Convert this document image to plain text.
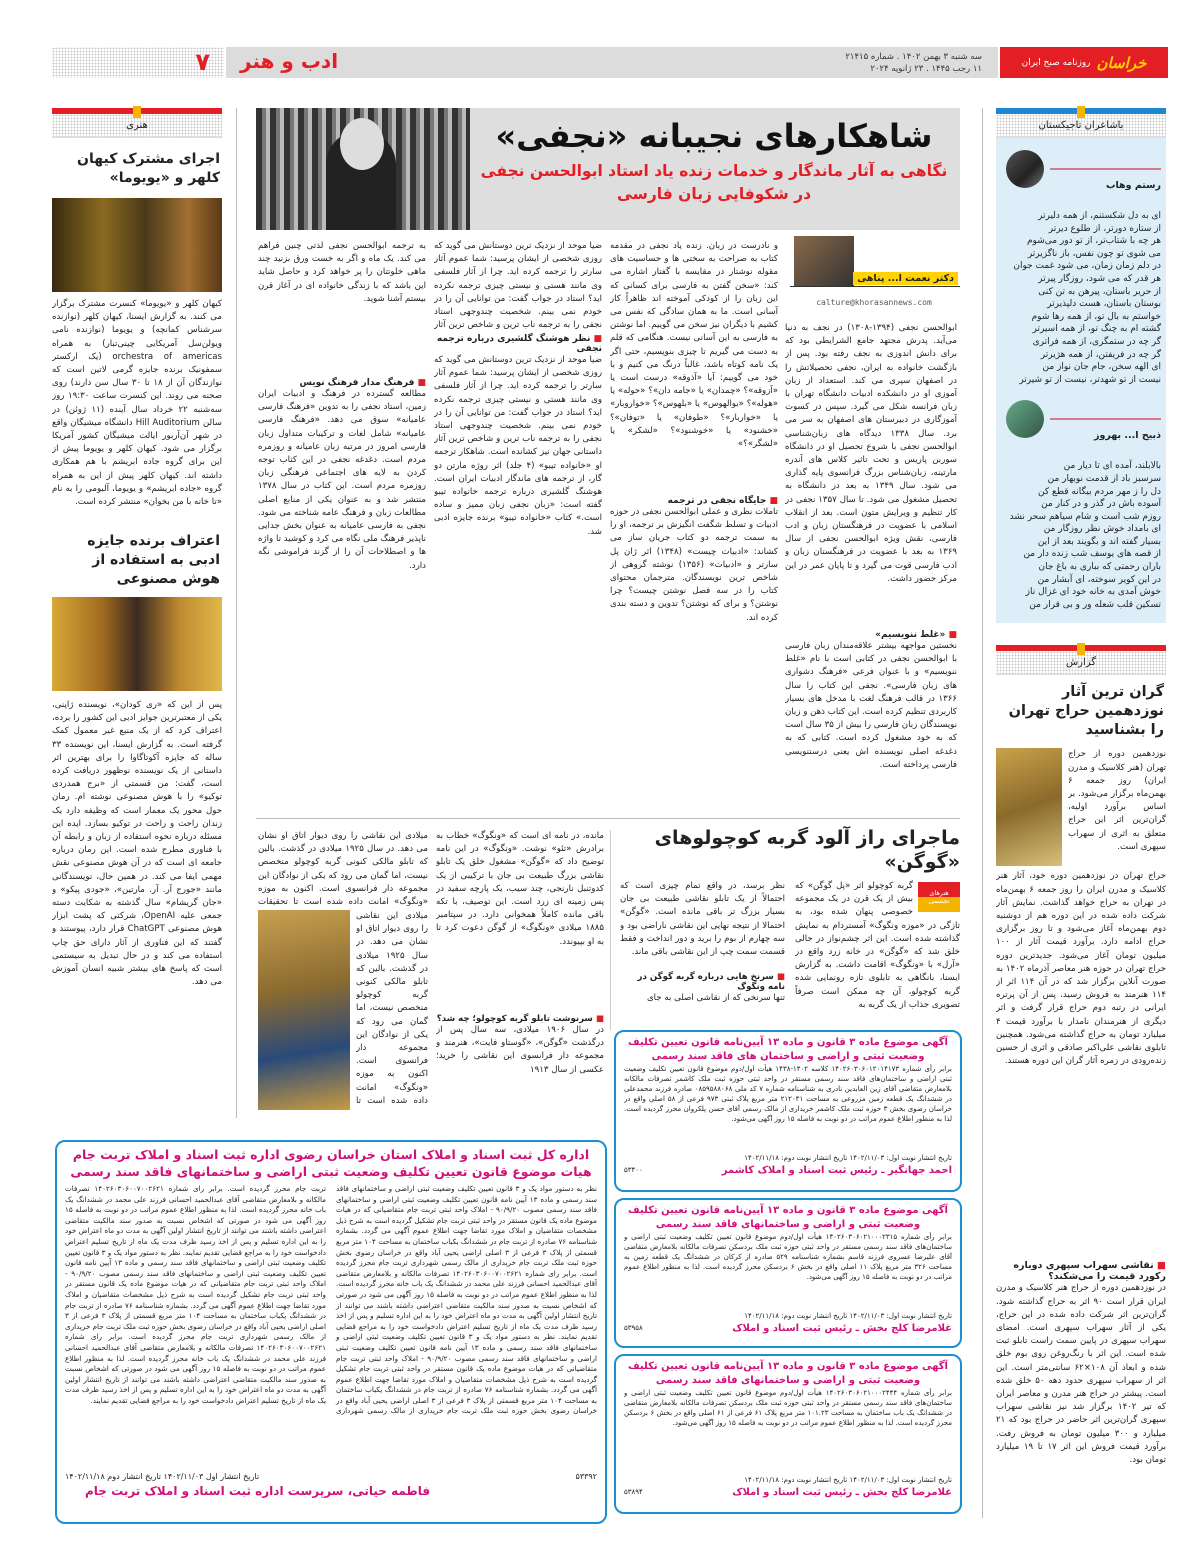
۷	ادب و هنر	سه شنبه ۳ بهمن ۱۴۰۲ . شماره ۲۱۴۱۵
۱۱ رجب ۱۴۴۵ . ۲۳ ژانویه ۲۰۲۴	خراسان
روزنامه صبح ایران
باشاعران تاجیکستان
رستم وهاب
ای به دل شکستنم، از همه دلیرتر
از ستاره دورتر، از طلوع دیرتر
هر چه با شتاب‌تر، از تو دور می‌شوم
می شوی تو چون نفس، باز ناگزیرتر
در دلم زمان زمان، می شود غمت جوان
هر قدر که می شود، روزگار پیرتر
از حریر باستان، پیرهن به تن کنی
بوستان باستان، هست دلپذیرتر
خواستم به بال تو، از همه رها شوم
گشته ام به چنگ تو، از همه اسیرتر
گر چه در ستمگری، از همه فراتری
گر چه در فریفتن، از همه هژیرتر
ای الهه سخن، جام جان نواز من
نیست از تو شهدتر، نیست از تو شیرتر
ذبیح ا... بهروز
بالابلند، آمده ای تا دیار من
سرسبز باد از قدمت نوبهار من
دل را ز مهر مردم بیگانه قطع کن
آسوده باش در گذر و در کنار من
روزم شب است و شام سیاهم سحر نشد
ای بامداد خوش نظر روزگار من
بسیار گفته اند و بگویند بعد از این
از قصه های یوسف شب زنده دار من
باران رحمتی که بباری به باغ جان
در این کویر سوخته، ای آبشار من
خوش آمدی به خانه خود ای غزال ناز
تسکین قلب شعله ور و بی قرار من
گزارش
گران ترین آثار نوزدهمین حراج تهران را بشناسید
نوزدهمین دوره از حراج تهران (هنر کلاسیک و مدرن ایران) روز جمعه ۶ بهمن‌ماه برگزار می‌شود. بر اساس برآورد اولیه، گران‌ترین اثر این حراج متعلق به اثری از سهراب سپهری است.
حراج تهران در نوزدهمین دوره خود، آثار هنر کلاسیک و مدرن ایران را روز جمعه ۶ بهمن‌ماه در تهران به حراج خواهد گذاشت. نمایش آثار شرکت داده شده در این دوره هم از دوشنبه دوم بهمن‌ماه آغاز می‌شود و تا روز برگزاری حراج ادامه دارد. برآورد قیمت آثار از ۱۰۰ میلیون تومان آغاز می‌شود. جدیدترین دوره حراج تهران در حوزه هنر معاصر آذرماه ۱۴۰۲ به صورت آنلاین برگزار شد که در آن ۱۱۴ اثر از ۱۱۴ هنرمند به فروش رسید. پس از آن پرتره ایرانی در رتبه دوم حراج قرار گرفت و اثر دیگری از هنرمندان نامدار با برآورد قیمت ۴ میلیارد تومان به حراج گذاشته می‌شود. همچنین تابلوی نقاشی علی‌اکبر صادقی و اثری از حسین زنده‌رودی در زمره آثار گران این دوره هستند.
■ نقاشی سهراب سپهری دوباره رکورد قیمت را می‌شکند؟
در نوزدهمین دوره از حراج هنر کلاسیک و مدرن ایران قرار است ۹۰ اثر به حراج گذاشته شود. گران‌ترین اثر شرکت داده شده در این حراج، یکی از آثار سهراب سپهری است. امضای سهراب سپهری در پایین سمت راست تابلو ثبت شده است. این اثر با رنگ‌روغن روی بوم خلق شده و ابعاد آن ۱۰۸×۶۲ سانتی‌متر است. این اثر از سهراب سپهری حدود دهه ۵۰ خلق شده است. پیشتر در حراج هنر مدرن و معاصر ایران که تیر ۱۴۰۲ برگزار شد نیز نقاشی سهراب سپهری گران‌ترین اثر حاضر در حراج بود که ۲۱ میلیارد و ۳۰۰ میلیون تومان به فروش رفت. برآورد قیمت فروش این اثر ۱۷ تا ۱۹ میلیارد تومان بود.
شاهکارهای نجیبانه «نجفی»
نگاهی به آثار ماندگار و خدمات زنده یاد استاد ابوالحسن نجفی در شکوفایی زبان فارسی
دکتر نعمت ا... پناهی
calture@khorasannews.com
ابوالحسن نجفی (۱۳۹۴-۱۳۰۸) در نجف به دنیا می‌آید. پدرش مجتهد جامع الشرایطی بود که برای دانش اندوزی به نجف رفته بود. پس از بازگشت خانواده به ایران، نجفی تحصیلاتش را در اصفهان سپری می کند. استعداد از زبان آموزی او در دانشکده ادبیات دانشگاه تهران با زبان فرانسه شکل می گیرد. سپس در کسوت آموزگاری در دبیرستان های اصفهان به سر می برد. سال ۱۳۳۸ دیدگاه های زبان‌شناسی ابوالحسن نجفی با شروع تحصیل او در دانشگاه سوربن پاریس و تحت تاثیر کلاس های آندره مارتینه، زبان‌شناس بزرگ فرانسوی پایه گذاری می شود. سال ۱۳۴۹ به بعد در دانشگاه به تحصیل مشغول می شود. تا سال ۱۳۵۷ نجفی در کار تنظیم و ویرایش متون است. بعد از انقلاب اسلامی با عضویت در فرهنگستان زبان و ادب فارسی، نقش ویژه ابوالحسن نجفی از سال ۱۳۶۹ به بعد با عضویت در فرهنگستان زبان و ادب فارسی قوت می گیرد و تا پایان عمر در این مرکز حضور داشت.
■ «غلط ننویسیم»
نخستین مواجهه بیشتر علاقه‌مندان زبان فارسی با ابوالحسن نجفی در کتابی است با نام «غلط ننویسیم» و با عنوان فرعی «فرهنگ دشواری های زبان فارسی». نجفی این کتاب را سال ۱۳۶۶ در قالب فرهنگ لغت با مدخل های بسیار کاربردی تنظیم کرده است. این کتاب ذهن و زبان نویسندگان زبان فارسی را بیش از ۳۵ سال است که به خود مشغول کرده است. کتابی که به دغدغه اصلی نویسنده اش یعنی درستنویسی فارسی پرداخته است.
و نادرست در زبان. زنده یاد نجفی در مقدمه کتاب به صراحت به سختی ها و حساسیت های مقوله نوشتار در مقایسه با گفتار اشاره می کند: «سخن گفتن به فارسی برای کسانی که این زبان را از کودکی آموخته اند ظاهراً کار آسانی است. ما به همان سادگی که نفس می کشیم با دیگران نیز سخن می گوییم. اما نوشتن به فارسی به این آسانی نیست. هنگامی که قلم به دست می گیریم تا چیزی بنویسیم، حتی اگر یک نامه کوتاه باشد، غالباً درنگ می کنیم و با خود می گوییم: آیا «آذوقه» درست است یا «آزوقه»؟ «چمدان» یا «جامه دان»؟ «حوله» یا «هوله»؟ «بوالهوس» یا «بلهوس»؟ «خواروبار» یا «خواربار»؟ «طوفان» یا «توفان»؟ «خشنود» یا «خوشنود»؟ «لشکر» یا «لشگر»؟»
■ جایگاه نجفی در ترجمه
تاملات نظری و عملی ابوالحسن نجفی در حوزه ادبیات و تسلط شگفت انگیزش بر ترجمه، او را به سمت ترجمه دو کتاب جریان ساز می کشاند: «ادبیات چیست» (۱۳۴۸) اثر ژان پل سارتر و «ادبیات» (۱۳۵۶) نوشته گروهی از شاخص ترین نویسندگان. مترجمان محتوای کتاب را در سه فصل نوشتن چیست؟ چرا نوشتن؟ و برای که نوشتن؟ تدوین و دسته بندی کرده اند.
ضیا موحد از نزدیک ترین دوستانش می گوید که روزی شخصی از ایشان پرسید: شما عموم آثار سارتر را ترجمه کرده اید. چرا از آثار فلسفی وی مانند هستی و نیستی چیزی ترجمه نکرده اید؟ استاد در جواب گفت: من توانایی آن را در خودم نمی بینم. شخصیت چندوجهی استاد نجفی را به ترجمه ناب ترین و شاخص ترین آثار
■ نظر هوشنگ گلشیری درباره ترجمه نجفی
ضیا موحد از نزدیک ترین دوستانش می گوید که روزی شخصی از ایشان پرسید: شما عموم آثار سارتر را ترجمه کرده اید. چرا از آثار فلسفی وی مانند هستی و نیستی چیزی ترجمه نکرده اید؟ استاد در جواب گفت: من توانایی آن را در خودم نمی بینم. شخصیت چندوجهی استاد نجفی را به ترجمه ناب ترین و شاخص ترین آثار داستانی جهان نیز کشانده است. شاهکار ترجمه او «خانواده تیبو» (۴ جلد) اثر روژه مارتن دو گار، از ترجمه های ماندگار ادبیات ایران است. هوشنگ گلشیری درباره ترجمه خانواده تیبو گفته است: «زبان نجفی زبان ممیز و ساده است.» کتاب «خانواده تیبو» برنده جایزه ادبی شد.
به ترجمه ابوالحسن نجفی لذتی چنین فراهم می کند. یک ماه و اگر به خست ورق بزنید چند ماهی خلوتتان را پر خواهد کرد و حاصل شاید این باشد که با زندگی خانواده ای در آغاز قرن بیستم آشنا شوید.
■ فرهنگ مدار فرهنگ نویس
مطالعه گسترده در فرهنگ و ادبیات ایران زمین، استاد نجفی را به تدوین «فرهنگ فارسی عامیانه» سوق می دهد. «فرهنگ فارسی عامیانه» شامل لغات و ترکیبات متداول زبان فارسی امروز در مرتبه زبان عامیانه و روزمره مردم است. دغدغه نجفی در این کتاب توجه کردن به لایه های اجتماعی فرهنگی زبان روزمره مردم است. این کتاب در سال ۱۳۷۸ منتشر شد و به عنوان یکی از منابع اصلی مطالعات زبان و فرهنگ عامه شناخته می شود. نجفی به فارسی عامیانه به عنوان بخش جدایی ناپذیر فرهنگ ملی نگاه می کرد و کوشید تا واژه ها و اصطلاحات آن را از گزند فراموشی نگه دارد.
ماجرای راز آلود گربه کوچولوهای «گوگن»
هنرهای تجسمی
گربه کوچولو اثر «پل گوگن» که بیش از یک قرن در یک مجموعه خصوصی پنهان شده بود، به تازگی در «موزه ونگوگ» آمستردام به نمایش گذاشته شده است. این اثر چشم‌نواز در حالی خلق شد که «گوگن» در خانه زرد واقع در «آرل» با «ونگوگ» اقامت داشت. به گزارش ایسنا، بانگاهی به تابلوی تازه رونمایی شده گربه کوچولو، آن چه ممکن است صرفاً تصویری جذاب از یک گربه به
نظر برسد، در واقع تمام چیزی است که احتمالاً از یک تابلو نقاشی طبیعت بی جان بسیار بزرگ تر باقی مانده است. «گوگن» احتمالا از نتیجه نهایی این نقاشی ناراضی بود و سه چهارم از بوم را برید و دور انداخت و فقط قسمت سمت چپ از این نقاشی باقی ماند.
■ سرنخ هایی درباره گربه گوگن در نامه ونگوگ
تنها سرنخی که از نقاشی اصلی به جای
مانده، در نامه ای است که «ونگوگ» خطاب به برادرش «تئو» نوشت. «ونگوگ» در این نامه توضیح داد که «گوگن» مشغول خلق یک تابلو نقاشی بزرگ طبیعت بی جان با ترکیبی از یک کدوتنبل نارنجی، چند سیب، یک پارچه سفید در پس زمینه ای زرد است. این توصیف، با تکه باقی مانده کاملاً همخوانی دارد. در سپتامبر ۱۸۸۵ میلادی «ونگوگ» از گوگن دعوت کرد تا به او بپیوندد.
■ سرنوشت تابلو گربه کوچولو؛ چه شد؟
در سال ۱۹۰۶ میلادی، سه سال پس از درگذشت «گوگن»، «گوستاو فایت»، هنرمند و مجموعه دار فرانسوی این نقاشی را خرید؛ عکسی از سال ۱۹۱۳
میلادی این نقاشی را روی دیوار اتاق او نشان می دهد. در سال ۱۹۲۵ میلادی در گذشت. بالین که تابلو مالکی کنونی گربه کوچولو منخصص نیست، اما گمان می رود که یکی از نوادگان این مجموعه دار فرانسوی است. اکنون به موزه «ونگوگ» امانت داده شده است تا تحقیقات
میلادی این نقاشی را روی دیوار اتاق او نشان می دهد. در سال ۱۹۲۵ میلادی در گذشت. بالین که تابلو مالکی کنونی گربه کوچولو منخصص نیست، اما گمان می رود که یکی از نوادگان این مجموعه دار فرانسوی است. اکنون به موزه «ونگوگ» امانت داده شده است تا
آگهی موضوع ماده ۳ قانون و ماده ۱۳ آیین‌نامه قانون تعیین تکلیف وضعیت ثبتی و اراضی و ساختمان های فاقد سند رسمی
برابر رأی شماره ۱۴۰۲۶۰۳۰۶۰۱۲۰۱۴۱۷۳ کلاسه ۱۴۰۲-۱۴۳۸ هیأت اول/دوم موضوع قانون تعیین تکلیف وضعیت ثبتی اراضی و ساختمان‌های فاقد سند رسمی مستقر در واحد ثبتی حوزه ثبت ملک کاشمر تصرفات مالکانه بلامعارض متقاضی آقای زین العابدین نادری به شناسنامه شماره ۷ کد ملی ۰۸۵۹۵۸۸۰۶۸ صادره فرزند محمدعلی در ششدانگ یک قطعه زمین مزروعی به مساحت ۲۱۲۰۳۱ متر مربع پلاک ثبتی ۹۷۳ فرعی از ۵۸ اصلی واقع در خراسان رضوی بخش ۳ حوزه ثبت ملک کاشمر خریداری از مالک رسمی آقای حسن پلکروان محرز گردیده است. لذا به منظور اطلاع عموم مراتب در دو نوبت به فاصله ۱۵ روز آگهی می‌شود.
تاریخ انتشار نوبت اول: ۱۴۰۲/۱۱/۰۳ تاریخ انتشار نوبت دوم: ۱۴۰۲/۱۱/۱۸
احمد جهانگیر ـ رئیس ثبت اسناد و املاک کاشمر
۵۳۴۰۰
آگهی موضوع ماده ۳ قانون و ماده ۱۳ آیین‌نامه قانون تعیین تکلیف وضعیت ثبتی و اراضی و ساختمانهای فاقد سند رسمی
برابر رأی شماره ۱۴۰۲۶۰۳۰۶۰۲۱۰۰۰۲۳۱۵ هیأت اول/دوم موضوع قانون تعیین تکلیف وضعیت ثبتی اراضی و ساختمان‌های فاقد سند رسمی مستقر در واحد ثبتی حوزه ثبت ملک بردسکن تصرفات مالکانه بلامعارض متقاضی آقای علیرضا عسروی فرزند قاسم بشماره شناسنامه ۵۲۹ صادره از کرکان در ششدانگ یک قطعه زمین به مساحت ۳۲۶ متر مربع پلاک ۱۱ اصلی واقع در بخش ۶ بردسکن محرز گردیده است. لذا به منظور اطلاع عموم مراتب در دو نوبت به فاصله ۱۵ روز آگهی می‌شود.
تاریخ انتشار نوبت اول: ۱۴۰۲/۱۱/۰۳ تاریخ انتشار نوبت دوم: ۱۴۰۲/۱۱/۱۸
غلامرضا کلج بخش ـ رئیس ثبت اسناد و املاک
۵۳۹۵۸
آگهی موضوع ماده ۳ قانون و ماده ۱۳ آیین‌نامه قانون تعیین تکلیف وضعیت ثبتی و اراضی و ساختمانهای فاقد سند رسمی
برابر رأی شماره ۱۴۰۲۶۰۳۰۶۰۲۱۰۰۰۲۴۴۴ هیأت اول/دوم موضوع قانون تعیین تکلیف وضعیت ثبتی اراضی و ساختمان‌های فاقد سند رسمی مستقر در واحد ثبتی حوزه ثبت ملک بردسکن تصرفات مالکانه بلامعارض متقاضی در ششدانگ یک باب ساختمان به مساحت ۱۰۱.۲۳ متر مربع پلاک ۶۱ فرعی از ۶۱ اصلی واقع در بخش ۶ بردسکن محرز گردیده است. لذا به منظور اطلاع عموم مراتب در دو نوبت به فاصله ۱۵ روز آگهی می‌شود.
تاریخ انتشار نوبت اول: ۱۴۰۲/۱۱/۰۳ تاریخ انتشار نوبت دوم: ۱۴۰۲/۱۱/۱۸
غلامرضا کلج بخش ـ رئیس ثبت اسناد و املاک
۵۳۸۹۴
اداره کل ثبت اسناد و املاک استان خراسان رضوی اداره ثبت اسناد و املاک تربت جام
هیات موضوع قانون تعیین تکلیف وضعیت ثبتی اراضی و ساختمانهای فاقد سند رسمی
نظر به دستور مواد یک و ۳ قانون تعیین تکلیف وضعیت ثبتی اراضی و ساختمانهای فاقد سند رسمی و ماده ۱۳ آیین نامه قانون تعیین تکلیف وضعیت ثبتی اراضی و ساختمانهای فاقد سند رسمی مصوب ۹۰/۹/۲۰ - املاک واحد ثبتی تربت جام متقاضیانی که در هیات موضوع ماده یک قانون مستقر در واحد ثبتی تربت جام تشکیل گردیده است به شرح ذیل مشخصات متقاضیان و املاک مورد تقاضا جهت اطلاع عموم آگهی می گردد. بشماره شناسنامه ۷۶ صادره از تربت جام در ششدانگ یکباب ساختمان به مساحت ۱۰۴ متر مربع قسمتی از پلاک ۳ فرعی از ۳ اصلی اراضی یحیی آباد واقع در خراسان رضوی بخش حوزه ثبت ملک تربت جام خریداری از مالک رسمی شهرداری تربت جام محرز گردیده است. برابر رای شماره ۱۴۰۲۶۰۳۰۶۰۰۷۰۰۲۶۲۱ تصرفات مالکانه و بلامعارض متقاضی آقای عبدالحمید احسانی فرزند علی محمد در ششدانگ یک باب خانه محرز گردیده است. لذا به منظور اطلاع عموم مراتب در دو نوبت به فاصله ۱۵ روز آگهی می شود در صورتی که اشخاص نسبت به صدور سند مالکیت متقاضی اعتراضی داشته باشند می توانند از تاریخ انتشار اولین آگهی به مدت دو ماه اعتراض خود را به این اداره تسلیم و پس از اخذ رسید ظرف مدت یک ماه از تاریخ تسلیم اعتراض دادخواست خود را به مراجع قضایی تقدیم نمایند. نظر به دستور مواد یک و ۳ قانون تعیین تکلیف وضعیت ثبتی اراضی و ساختمانهای فاقد سند رسمی و ماده ۱۳ آیین نامه قانون تعیین تکلیف وضعیت ثبتی اراضی و ساختمانهای فاقد سند رسمی مصوب ۹۰/۹/۲۰ - املاک واحد ثبتی تربت جام متقاضیانی که در هیات موضوع ماده یک قانون مستقر در واحد ثبتی تربت جام تشکیل گردیده است به شرح ذیل مشخصات متقاضیان و املاک مورد تقاضا جهت اطلاع عموم آگهی می گردد. بشماره شناسنامه ۷۶ صادره از تربت جام در ششدانگ یکباب ساختمان به مساحت ۱۰۴ متر مربع قسمتی از پلاک ۳ فرعی از ۳ اصلی اراضی یحیی آباد واقع در خراسان رضوی بخش حوزه ثبت ملک تربت جام خریداری از مالک رسمی شهرداری تربت جام محرز گردیده است. برابر رای شماره ۱۴۰۲۶۰۳۰۶۰۰۷۰۰۲۶۲۱ تصرفات مالکانه و بلامعارض متقاضی آقای عبدالحمید احسانی فرزند علی محمد در ششدانگ یک باب خانه محرز گردیده است. لذا به منظور اطلاع عموم مراتب در دو نوبت به فاصله ۱۵ روز آگهی می شود در صورتی که اشخاص نسبت به صدور سند مالکیت متقاضی اعتراضی داشته باشند می توانند از تاریخ انتشار اولین آگهی به مدت دو ماه اعتراض خود را به این اداره تسلیم و پس از اخذ رسید ظرف مدت یک ماه از تاریخ تسلیم اعتراض دادخواست خود را به مراجع قضایی تقدیم نمایند. نظر به دستور مواد یک و ۳ قانون تعیین تکلیف وضعیت ثبتی اراضی و ساختمانهای فاقد سند رسمی و ماده ۱۳ آیین نامه قانون تعیین تکلیف وضعیت ثبتی اراضی و ساختمانهای فاقد سند رسمی مصوب ۹۰/۹/۲۰ - املاک واحد ثبتی تربت جام متقاضیانی که در هیات موضوع ماده یک قانون مستقر در واحد ثبتی تربت جام تشکیل گردیده است به شرح ذیل مشخصات متقاضیان و املاک مورد تقاضا جهت اطلاع عموم آگهی می گردد. بشماره شناسنامه ۷۶ صادره از تربت جام در ششدانگ یکباب ساختمان به مساحت ۱۰۴ متر مربع قسمتی از پلاک ۳ فرعی از ۳ اصلی اراضی یحیی آباد واقع در خراسان رضوی بخش حوزه ثبت ملک تربت جام خریداری از مالک رسمی شهرداری تربت جام محرز گردیده است. برابر رای شماره ۱۴۰۲۶۰۳۰۶۰۰۷۰۰۲۶۲۱ تصرفات مالکانه و بلامعارض متقاضی آقای عبدالحمید احسانی فرزند علی محمد در ششدانگ یک باب خانه محرز گردیده است. لذا به منظور اطلاع عموم مراتب در دو نوبت به فاصله ۱۵ روز آگهی می شود در صورتی که اشخاص نسبت به صدور سند مالکیت متقاضی اعتراضی داشته باشند می توانند از تاریخ انتشار اولین آگهی به مدت دو ماه اعتراض خود را به این اداره تسلیم و پس از اخذ رسید ظرف مدت یک ماه از تاریخ تسلیم اعتراض دادخواست خود را به مراجع قضایی تقدیم نمایند.
۵۳۳۹۲
تاریخ انتشار اول ۱۴۰۲/۱۱/۰۳ تاریخ انتشار دوم ۱۴۰۲/۱۱/۱۸
فاطمه حیاتی، سرپرست اداره ثبت اسناد و املاک تربت جام
هنری
اجرای مشترک کیهان کلهر و «یویوما»
کیهان کلهر و «یویوما» کنسرت مشترک برگزار می کنند. به گزارش ایسنا، کیهان کلهر (نوازنده سرشناس کمانچه) و یویوما (نوازنده نامی ویولن‌سل آمریکایی چینی‌تبار) به همراه orchestra of americas (یک ارکستر سمفونیک برنده جایزه گرمی لاتین است که نوازندگان آن از ۱۸ تا ۳۰ سال سن دارند) روی صحنه می روند. این کنسرت ساعت ۱۹:۳۰ روز سه‌شنبه ۲۲ خرداد سال آینده (۱۱ ژوئن) در سالن Hill Auditorium دانشگاه میشیگان واقع در شهر آن‌آربور ایالت میشیگان کشور آمریکا برگزار می شود. کیهان کلهر و یویوما پیش از این برای گروه جاده ابریشم با هم همکاری داشته اند. کیهان کلهر پیش از این به همراه گروه «جاده ابریشم» و یویوما، آلبومی را به نام «تا خانه با من بخوان» منتشر کرده است.
اعتراف برنده جایزه ادبی به استفاده از هوش مصنوعی
پس از این که «ری کودان»، نویسنده ژاپنی، یکی از معتبرترین جوایز ادبی این کشور را برده، اعتراف کرد که از یک منبع غیر معمول کمک گرفته است. به گزارش ایسنا، این نویسنده ۳۳ ساله که جایزه آکوتاگاوا را برای بهترین اثر داستانی از یک نویسنده نوظهور دریافت کرده است، گفت: من قسمتی از «برج همدردی توکیو» را با هوش مصنوعی نوشته ام. رمان حول محور یک معمار است که وظیفه دارد یک زندان راحت و راحت در توکیو بسازد. ایده این مسئله درباره نحوه استفاده از زبان و رابطه آن با فناوری مطرح شده است. این رمان درباره جامعه ای است که در آن هوش مصنوعی نقش مهمی ایفا می کند. در همین حال، نویسندگانی مانند «جورج آر. آر. مارتین»، «جودی پیکو» و «جان گریشام» سال گذشته به شکایت دسته جمعی علیه OpenAI، شرکتی که پشت ابزار هوش مصنوعی ChatGPT قرار دارد، پیوستند و گفتند که این فناوری از آثار دارای حق چاپ استفاده می کند و در حال تبدیل به سیستمی است که پاسخ های بیشتر شبیه انسان آموزش می دهد.
